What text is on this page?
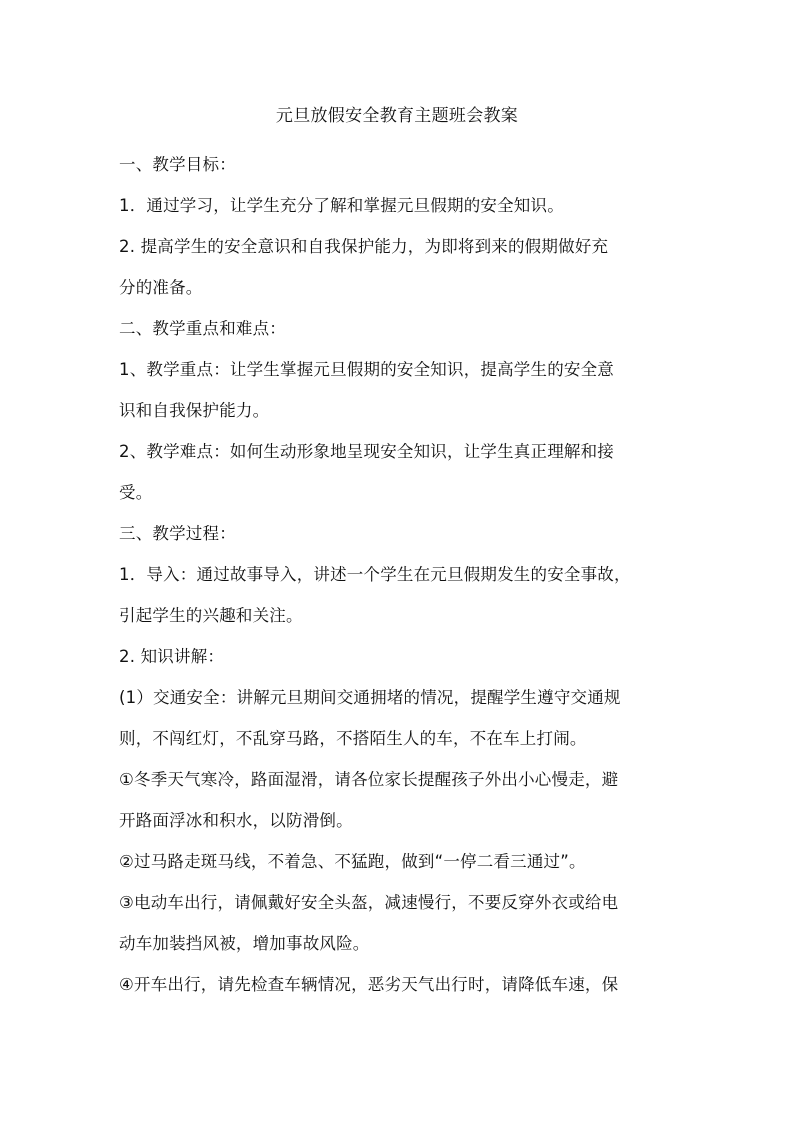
元旦放假安全教育主题班会教案

一、教学目标：

1．通过学习，让学生充分了解和掌握元旦假期的安全知识。

2. 提高学生的安全意识和自我保护能力，为即将到来的假期做好充

分的准备。

二、教学重点和难点：

1、教学重点：让学生掌握元旦假期的安全知识，提高学生的安全意

识和自我保护能力。

2、教学难点：如何生动形象地呈现安全知识，让学生真正理解和接

受。

三、教学过程：

1．导入：通过故事导入，讲述一个学生在元旦假期发生的安全事故，

引起学生的兴趣和关注。

2. 知识讲解：

(1）交通安全：讲解元旦期间交通拥堵的情况，提醒学生遵守交通规

则，不闯红灯，不乱穿马路，不搭陌生人的车，不在车上打闹。

①冬季天气寒冷，路面湿滑，请各位家长提醒孩子外出小心慢走，避

开路面浮冰和积水，以防滑倒。

②过马路走斑马线，不着急、不猛跑，做到“一停二看三通过”。

③电动车出行，请佩戴好安全头盔，减速慢行，不要反穿外衣或给电

动车加装挡风被，增加事故风险。

④开车出行，请先检查车辆情况，恶劣天气出行时，请降低车速，保
